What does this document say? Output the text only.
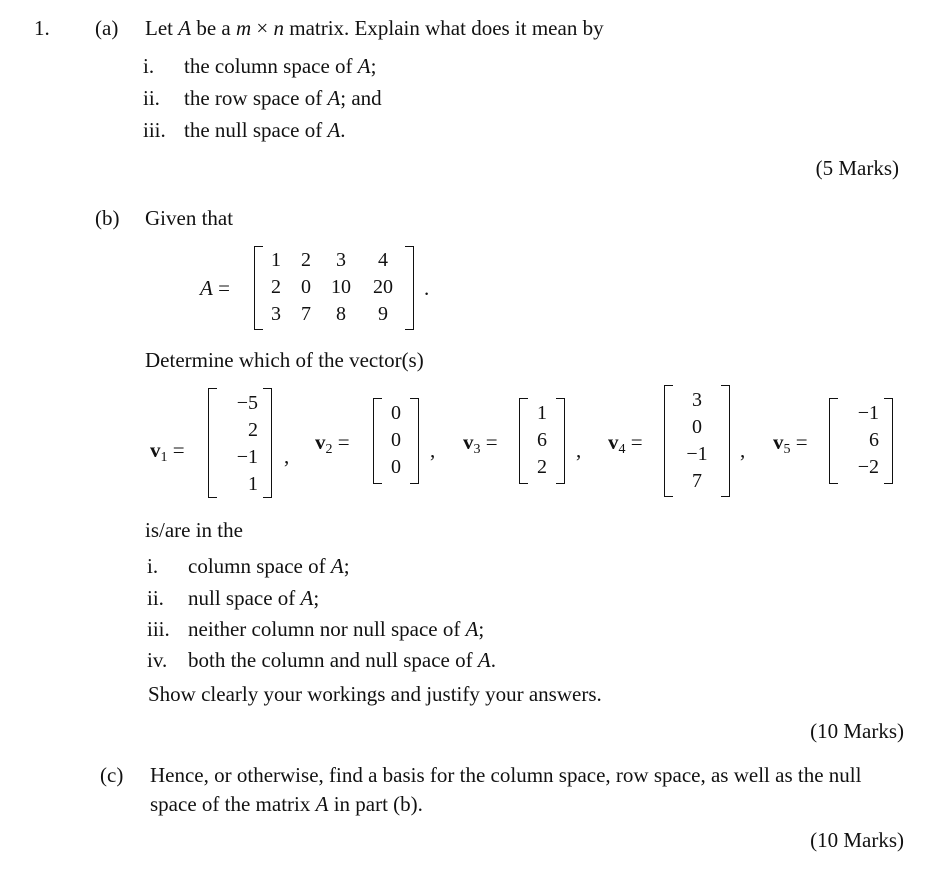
1. (a) Let A be a m × n matrix. Explain what does it mean by
i. the column space of A;
ii. the row space of A; and
iii. the null space of A.
(5 Marks)
(b) Given that
A =
1	2	3	4
2	0	10	20
3	7	8	9
.
Determine which of the vector(s)
$v_1$ =
−5
2
−1
1
,
$v_2$ =
0
0
0
, $v_3$ =
1
6
2
, $v_4$ =
3
0
−1
7
, $v_5$ =
−1
6
−2
is/are in the
i. column space of A;
ii. null space of A;
iii. neither column nor null space of A;
iv. both the column and null space of A.
Show clearly your workings and justify your answers.
(10 Marks)
(c) Hence, or otherwise, find a basis for the column space, row space, as well as the null
space of the matrix A in part (b).
(10 Marks)
